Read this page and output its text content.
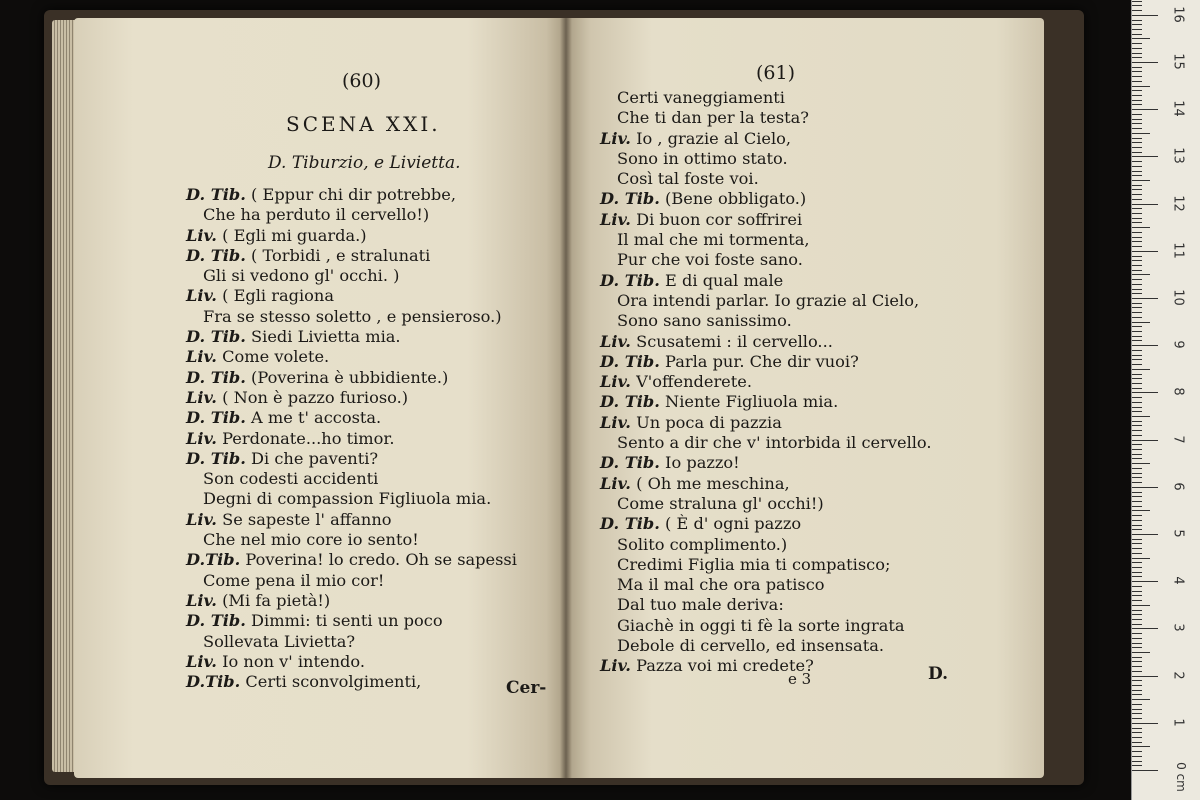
(60)
SCENA XXI.
D. Tiburzio, e Livietta.
D. Tib. ( Eppur chi dir potrebbe,
Che ha perduto il cervello!)
Liv. ( Egli mi guarda.)
D. Tib. ( Torbidi , e stralunati
Gli si vedono gl' occhi. )
Liv. ( Egli ragiona
Fra se stesso soletto , e pensieroso.)
D. Tib. Siedi Livietta mia.
Liv. Come volete.
D. Tib. (Poverina è ubbidiente.)
Liv. ( Non è pazzo furioso.)
D. Tib. A me t' accosta.
Liv. Perdonate...ho timor.
D. Tib. Di che paventi?
Son codesti accidenti
Degni di compassion Figliuola mia.
Liv. Se sapeste l' affanno
Che nel mio core io sento!
D.Tib. Poverina! lo credo. Oh se sapessi
Come pena il mio cor!
Liv. (Mi fa pietà!)
D. Tib. Dimmi: ti senti un poco
Sollevata Livietta?
Liv. Io non v' intendo.
D.Tib. Certi sconvolgimenti,	Cer-
(61)
Certi vaneggiamenti
Che ti dan per la testa?
Liv. Io , grazie al Cielo,
Sono in ottimo stato.
Così tal foste voi.
D. Tib. (Bene obbligato.)
Liv. Di buon cor soffrirei
Il mal che mi tormenta,
Pur che voi foste sano.
D. Tib. E di qual male
Ora intendi parlar. Io grazie al Cielo,
Sono sano sanissimo.
Liv. Scusatemi : il cervello...
D. Tib. Parla pur. Che dir vuoi?
Liv. V'offenderete.
D. Tib. Niente Figliuola mia.
Liv. Un poca di pazzia
Sento a dir che v' intorbida il cervello.
D. Tib. Io pazzo!
Liv. ( Oh me meschina,
Come straluna gl' occhi!)
D. Tib. ( È d' ogni pazzo
Solito complimento.)
Credimi Figlia mia ti compatisco;
Ma il mal che ora patisco
Dal tuo male deriva:
Giachè in oggi ti fè la sorte ingrata
Debole di cervello, ed insensata.
Liv. Pazza voi mi credete?
e 3	D.
0 cm
1
2
3
4
5
6
7
8
9
10
11
12
13
14
15
16
